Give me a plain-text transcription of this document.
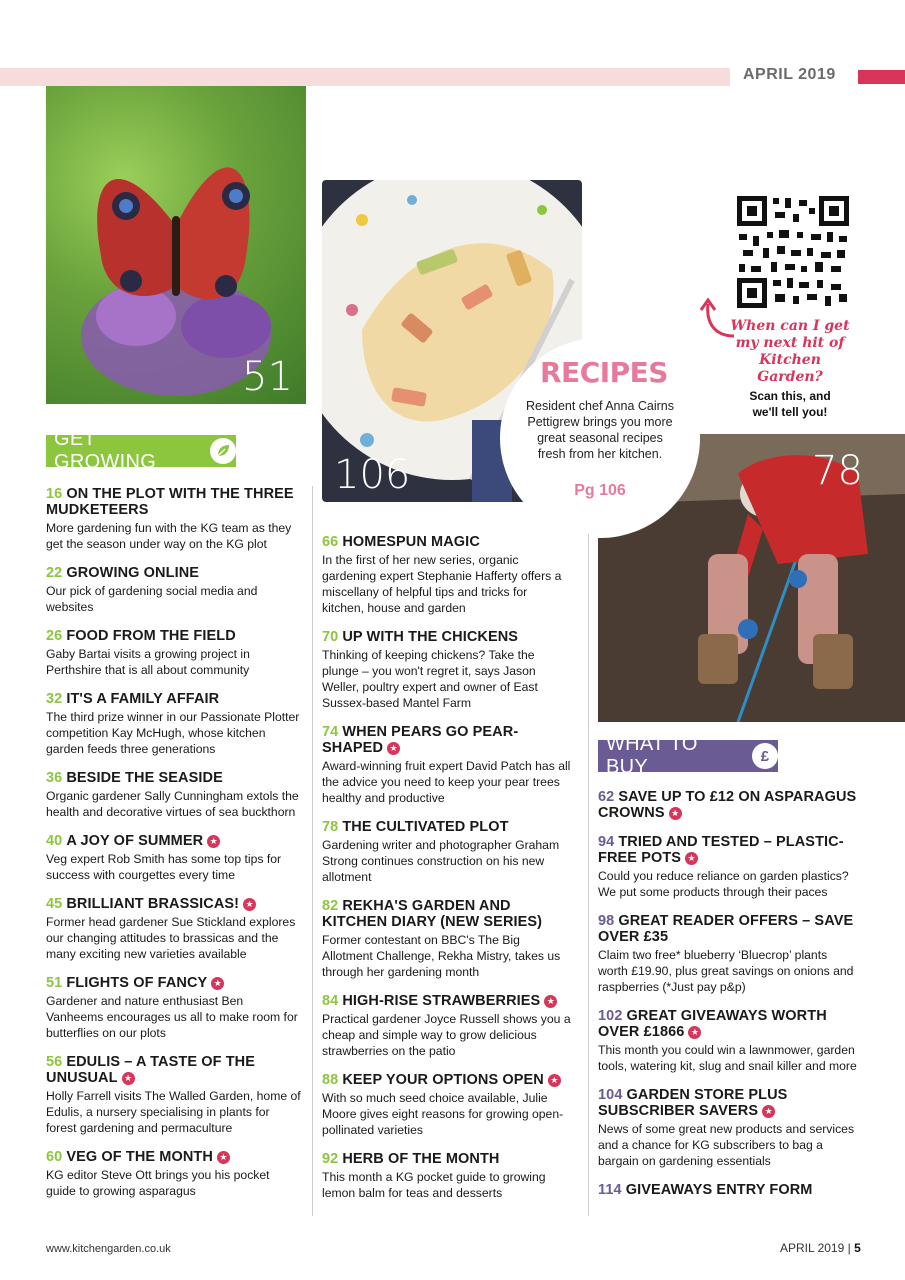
APRIL 2019
51
106	78
RECIPES
Resident chef Anna Cairns Pettigrew brings you more great seasonal recipes fresh from her kitchen.
Pg 106
When can I get my next hit of Kitchen Garden?
Scan this, and we'll tell you!
GET GROWING
WHAT TO BUY	£
16 ON THE PLOT WITH THE THREE MUDKETEERS
More gardening fun with the KG team as they get the season under way on the KG plot
22 GROWING ONLINE
Our pick of gardening social media and websites
26 FOOD FROM THE FIELD
Gaby Bartai visits a growing project in Perthshire that is all about community
32 IT'S A FAMILY AFFAIR
The third prize winner in our Passionate Plotter competition Kay McHugh, whose kitchen garden feeds three generations
36 BESIDE THE SEASIDE
Organic gardener Sally Cunningham extols the health and decorative virtues of sea buckthorn
40 A JOY OF SUMMER ★
Veg expert Rob Smith has some top tips for success with courgettes every time
45 BRILLIANT BRASSICAS! ★
Former head gardener Sue Stickland explores our changing attitudes to brassicas and the many exciting new varieties available
51 FLIGHTS OF FANCY ★
Gardener and nature enthusiast Ben Vanheems encourages us all to make room for butterflies on our plots
56 EDULIS – A TASTE OF THE UNUSUAL ★
Holly Farrell visits The Walled Garden, home of Edulis, a nursery specialising in plants for forest gardening and permaculture
60 VEG OF THE MONTH ★
KG editor Steve Ott brings you his pocket guide to growing asparagus
66 HOMESPUN MAGIC
In the first of her new series, organic gardening expert Stephanie Hafferty offers a miscellany of helpful tips and tricks for kitchen, house and garden
70 UP WITH THE CHICKENS
Thinking of keeping chickens? Take the plunge – you won't regret it, says Jason Weller, poultry expert and owner of East Sussex-based Mantel Farm
74 WHEN PEARS GO PEAR-SHAPED ★
Award-winning fruit expert David Patch has all the advice you need to keep your pear trees healthy and productive
78 THE CULTIVATED PLOT
Gardening writer and photographer Graham Strong continues construction on his new allotment
82 REKHA'S GARDEN AND KITCHEN DIARY (NEW SERIES)
Former contestant on BBC's The Big Allotment Challenge, Rekha Mistry, takes us through her gardening month
84 HIGH-RISE STRAWBERRIES ★
Practical gardener Joyce Russell shows you a cheap and simple way to grow delicious strawberries on the patio
88 KEEP YOUR OPTIONS OPEN ★
With so much seed choice available, Julie Moore gives eight reasons for growing open-pollinated varieties
92 HERB OF THE MONTH
This month a KG pocket guide to growing lemon balm for teas and desserts
62 SAVE UP TO £12 ON ASPARAGUS CROWNS ★
94 TRIED AND TESTED – PLASTIC-FREE POTS ★
Could you reduce reliance on garden plastics? We put some products through their paces
98 GREAT READER OFFERS – SAVE OVER £35
Claim two free* blueberry ‘Bluecrop’ plants worth £19.90, plus great savings on onions and raspberries (*Just pay p&p)
102 GREAT GIVEAWAYS WORTH OVER £1866 ★
This month you could win a lawnmower, garden tools, watering kit, slug and snail killer and more
104 GARDEN STORE PLUS SUBSCRIBER SAVERS ★
News of some great new products and services and a chance for KG subscribers to bag a bargain on gardening essentials
114 GIVEAWAYS ENTRY FORM
www.kitchengarden.co.uk	APRIL 2019 | 5
